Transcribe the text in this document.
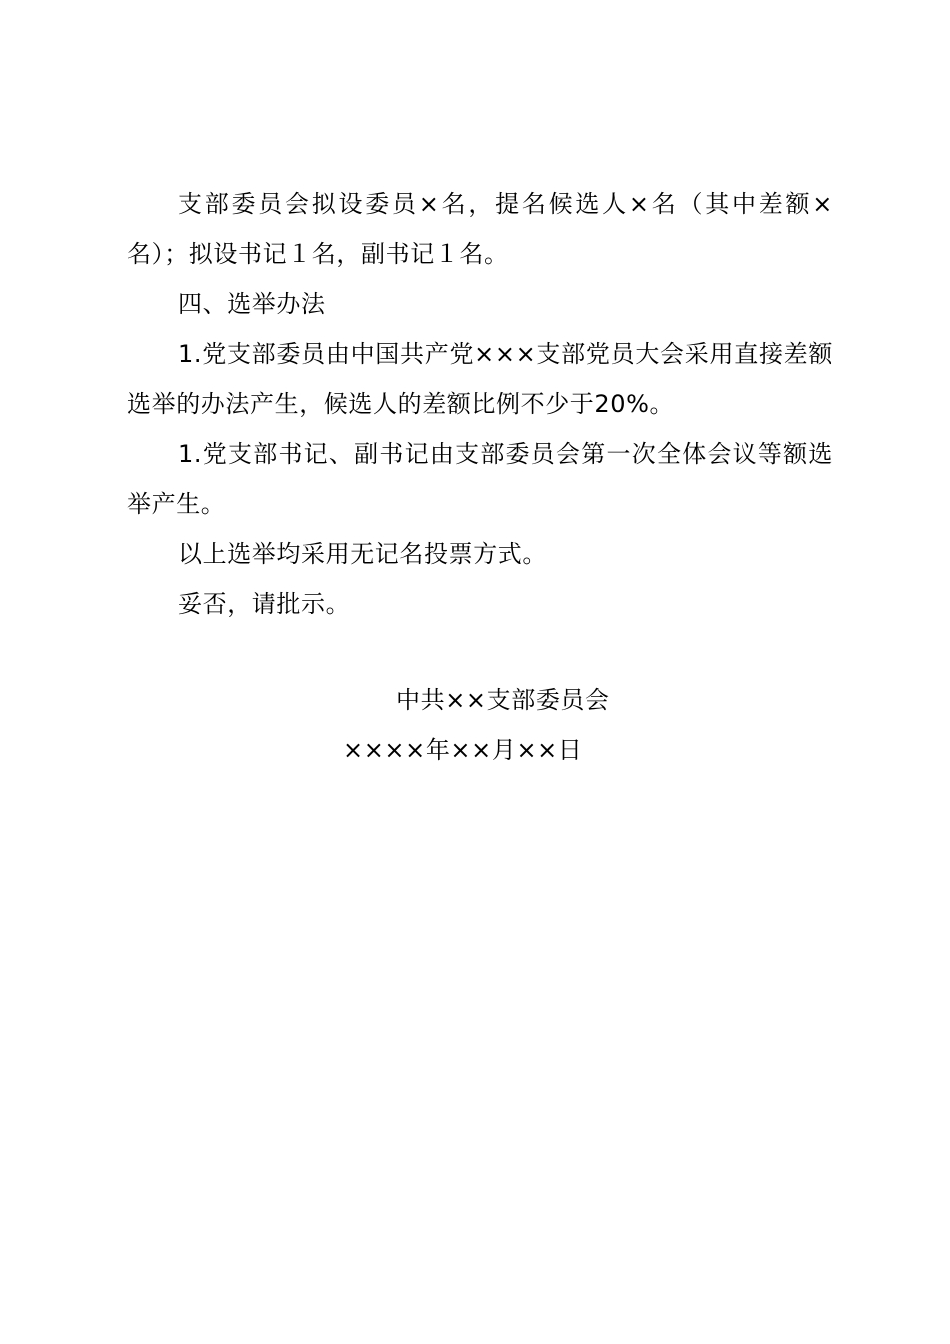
支部委员会拟设委员×名，提名候选人×名（其中差额×名）；拟设书记１名，副书记１名。

四、选举办法

1.党支部委员由中国共产党×××支部党员大会采用直接差额选举的办法产生，候选人的差额比例不少于20%。

1.党支部书记、副书记由支部委员会第一次全体会议等额选举产生。

以上选举均采用无记名投票方式。

妥否，请批示。

中共××支部委员会
××××年××月××日
